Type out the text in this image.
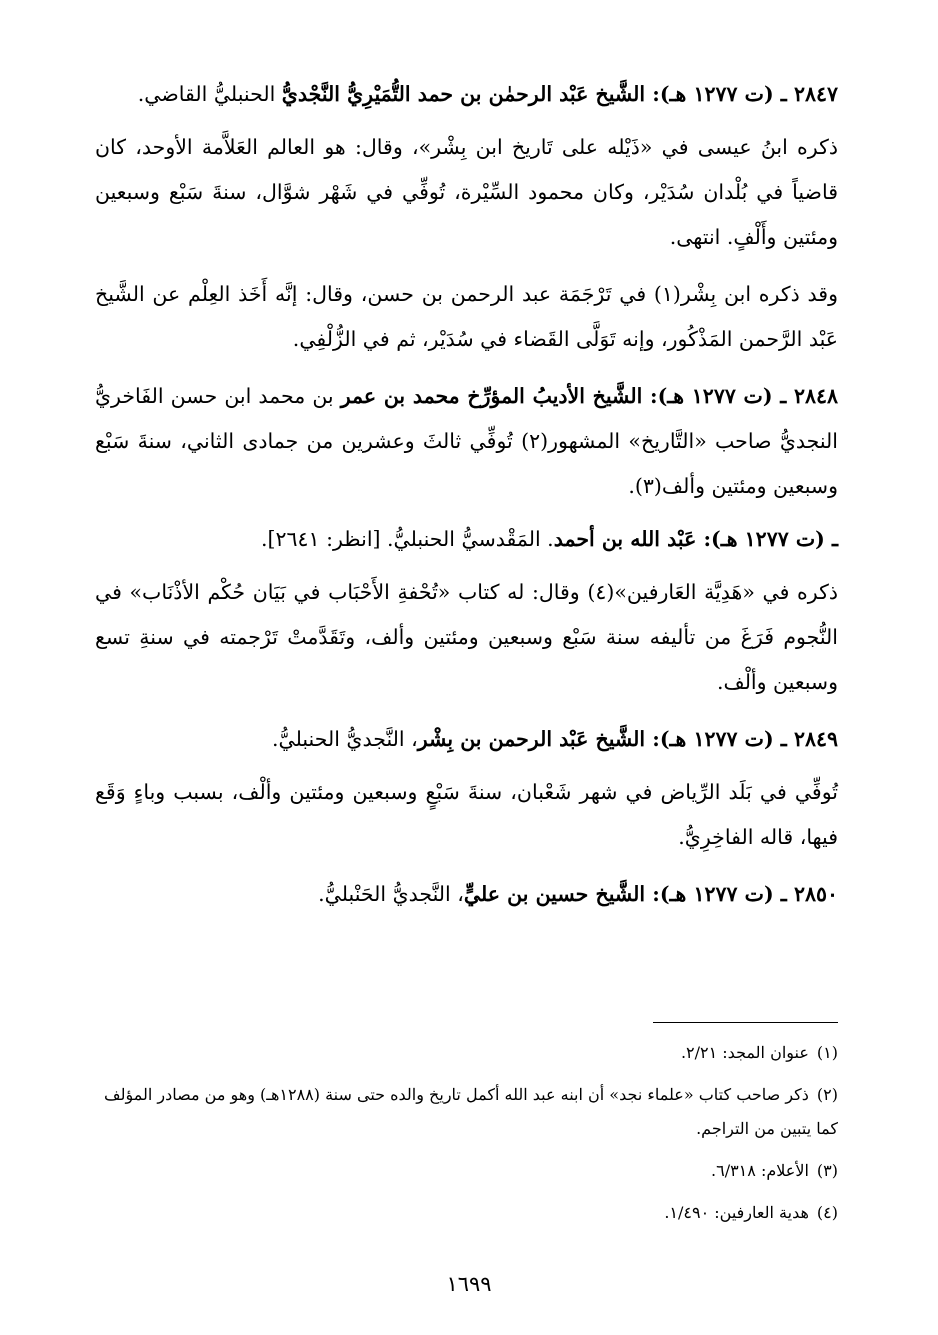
٢٨٤٧ ـ (ت ١٢٧٧ هـ): الشَّيخ عَبْد الرحمٰن بن حمد التُّمَيْرِيُّ النَّجْديُّ الحنبليُّ القاضي.

ذكره ابنُ عيسى في «ذَيْله على تَاريخ ابن بِشْر»، وقال: هو العالم العَلاَّمة الأوحد، كان قاضياً في بُلْدان سُدَيْر، وكان محمود السِّيْرة، تُوفِّي في شَهْر شوَّال، سنةَ سَبْع وسبعين ومئتين وأَلْفٍ. انتهى.

وقد ذكره ابن بِشْر(١) في تَرْجَمَة عبد الرحمن بن حسن، وقال: إنَّه أَخَذ العِلْم عن الشَّيخ عَبْد الرَّحمن المَذْكُور، وإنه تَوَلَّى القَضاء في سُدَيْر، ثم في الزُّلْفِي.

٢٨٤٨ ـ (ت ١٢٧٧ هـ): الشَّيخ الأديبُ المؤرِّخ محمد بن عمر بن محمد ابن حسن الفَاخريُّ النجديُّ صاحب «التَّاريخ» المشهور(٢) تُوفِّي ثالثَ وعشرين من جمادى الثاني، سنةَ سَبْع وسبعين ومئتين وألف(٣).

ـ (ت ١٢٧٧ هـ): عَبْد الله بن أحمد. المَقْدسيُّ الحنبليُّ. [انظر: ٢٦٤١].

ذكره في «هَدِيَّة العَارفين»(٤) وقال: له كتاب «تُحْفةِ الأَحْبَاب في بَيَان حُكْم الأذْنَاب» في النُّجوم فَرَغَ من تأليفه سنة سَبْع وسبعين ومئتين وألف، وتَقَدَّمتْ تَرْجمته في سنةِ تسع وسبعين وألْف.

٢٨٤٩ ـ (ت ١٢٧٧ هـ): الشَّيخ عَبْد الرحمن بن بِشْر، النَّجديُّ الحنبليُّ.

تُوفِّي في بَلَد الرِّياض في شهر شَعْبان، سنةَ سَبْعٍ وسبعين ومئتين وألْف، بسبب وباءٍ وَقَع فيها، قاله الفاخِرِيُّ.

٢٨٥٠ ـ (ت ١٢٧٧ هـ): الشَّيخ حسين بن عليٍّ، النَّجديُّ الحَنْبليُّ.

(١)عنوان المجد: ٢/٢١.

(٢)ذكر صاحب كتاب «علماء نجد» أن ابنه عبد الله أكمل تاريخ والده حتى سنة (١٢٨٨هـ) وهو من مصادر المؤلف كما يتبين من التراجم.

(٣)الأعلام: ٦/٣١٨.

(٤)هدية العارفين: ١/٤٩٠.

١٦٩٩
